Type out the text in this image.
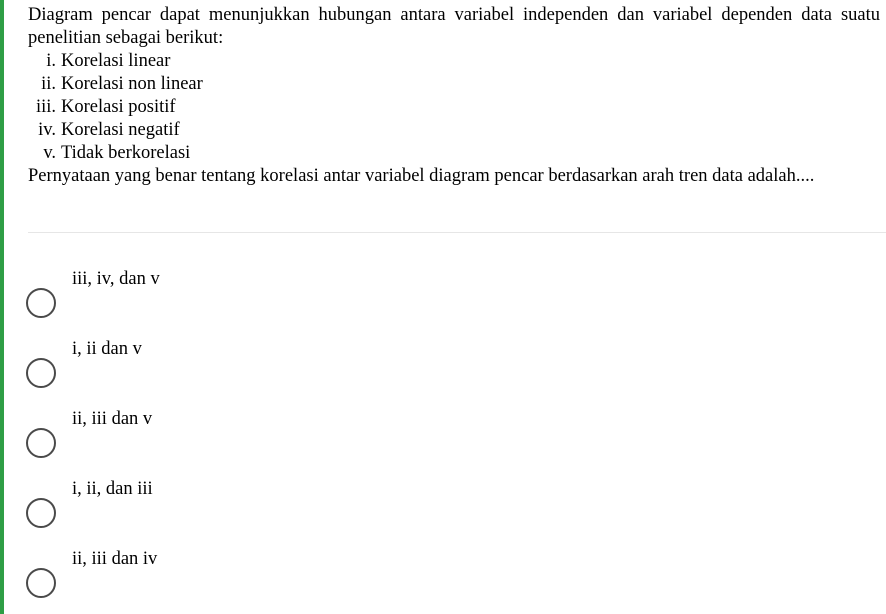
Diagram pencar dapat menunjukkan hubungan antara variabel independen dan variabel dependen data suatu penelitian sebagai berikut:

i. Korelasi linear
ii. Korelasi non linear
iii. Korelasi positif
iv. Korelasi negatif
v. Tidak berkorelasi

Pernyataan yang benar tentang korelasi antar variabel diagram pencar berdasarkan arah tren data adalah....

iii, iv, dan v
i, ii dan v
ii, iii dan v
i, ii, dan iii
ii, iii dan iv
